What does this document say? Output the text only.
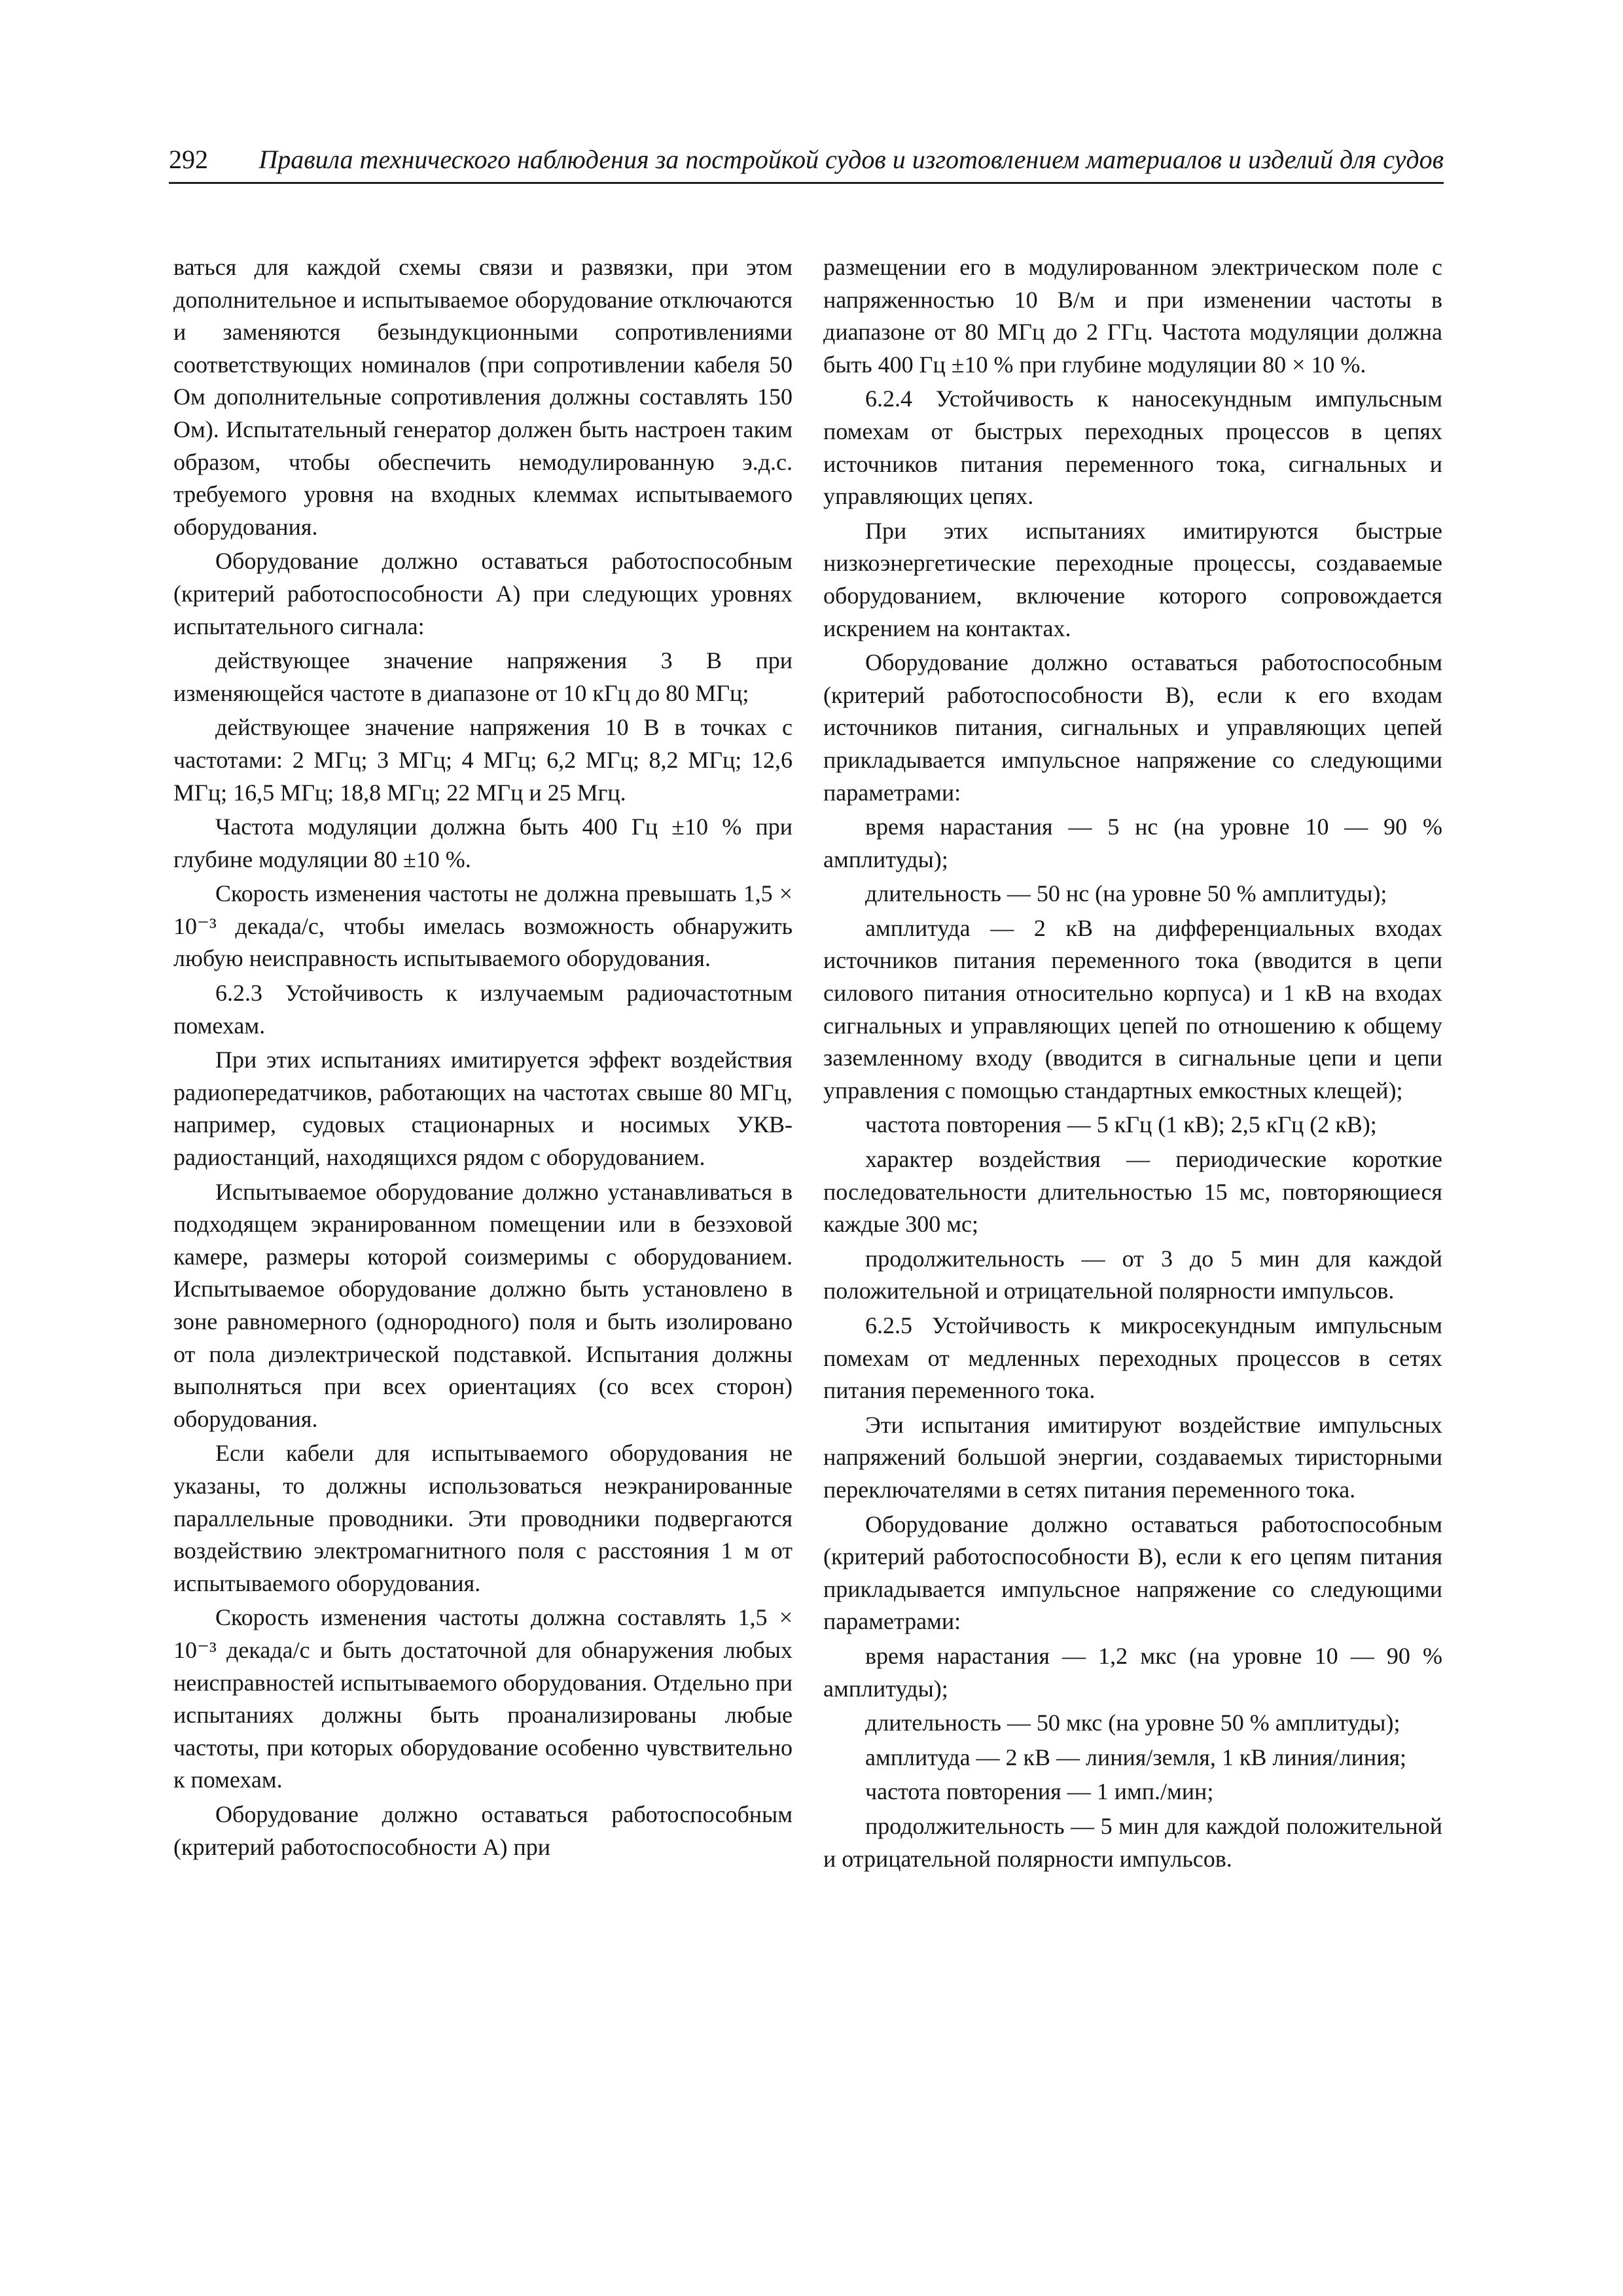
292 Правила технического наблюдения за постройкой судов и изготовлением материалов и изделий для судов

ваться для каждой схемы связи и развязки, при этом дополнительное и испытываемое оборудование отключаются и заменяются безындукционными сопротивлениями соответствующих номиналов (при сопротивлении кабеля 50 Ом дополнительные сопротивления должны составлять 150 Ом). Испытательный генератор должен быть настроен таким образом, чтобы обеспечить немодулированную э.д.с. требуемого уровня на входных клеммах испытываемого оборудования.

Оборудование должно оставаться работоспособным (критерий работоспособности А) при следующих уровнях испытательного сигнала:

действующее значение напряжения 3 В при изменяющейся частоте в диапазоне от 10 кГц до 80 МГц;

действующее значение напряжения 10 В в точках с частотами: 2 МГц; 3 МГц; 4 МГц; 6,2 МГц; 8,2 МГц; 12,6 МГц; 16,5 МГц; 18,8 МГц; 22 МГц и 25 Мгц.

Частота модуляции должна быть 400 Гц ±10 % при глубине модуляции 80 ±10 %.

Скорость изменения частоты не должна превышать 1,5 × 10⁻³ декада/с, чтобы имелась возможность обнаружить любую неисправность испытываемого оборудования.

6.2.3 Устойчивость к излучаемым радиочастотным помехам.

При этих испытаниях имитируется эффект воздействия радиопередатчиков, работающих на частотах свыше 80 МГц, например, судовых стационарных и носимых УКВ-радиостанций, находящихся рядом с оборудованием.

Испытываемое оборудование должно устанавливаться в подходящем экранированном помещении или в безэховой камере, размеры которой соизмеримы с оборудованием. Испытываемое оборудование должно быть установлено в зоне равномерного (однородного) поля и быть изолировано от пола диэлектрической подставкой. Испытания должны выполняться при всех ориентациях (со всех сторон) оборудования.

Если кабели для испытываемого оборудования не указаны, то должны использоваться неэкранированные параллельные проводники. Эти проводники подвергаются воздействию электромагнитного поля с расстояния 1 м от испытываемого оборудования.

Скорость изменения частоты должна составлять 1,5 × 10⁻³ декада/с и быть достаточной для обнаружения любых неисправностей испытываемого оборудования. Отдельно при испытаниях должны быть проанализированы любые частоты, при которых оборудование особенно чувствительно к помехам.

Оборудование должно оставаться работоспособным (критерий работоспособности А) при

размещении его в модулированном электрическом поле с напряженностью 10 В/м и при изменении частоты в диапазоне от 80 МГц до 2 ГГц. Частота модуляции должна быть 400 Гц ±10 % при глубине модуляции 80 × 10 %.

6.2.4 Устойчивость к наносекундным импульсным помехам от быстрых переходных процессов в цепях источников питания переменного тока, сигнальных и управляющих цепях.

При этих испытаниях имитируются быстрые низкоэнергетические переходные процессы, создаваемые оборудованием, включение которого сопровождается искрением на контактах.

Оборудование должно оставаться работоспособным (критерий работоспособности В), если к его входам источников питания, сигнальных и управляющих цепей прикладывается импульсное напряжение со следующими параметрами:

время нарастания — 5 нс (на уровне 10 — 90 % амплитуды);

длительность — 50 нс (на уровне 50 % амплитуды);

амплитуда — 2 кВ на дифференциальных входах источников питания переменного тока (вводится в цепи силового питания относительно корпуса) и 1 кВ на входах сигнальных и управляющих цепей по отношению к общему заземленному входу (вводится в сигнальные цепи и цепи управления с помощью стандартных емкостных клещей);

частота повторения — 5 кГц (1 кВ); 2,5 кГц (2 кВ);

характер воздействия — периодические короткие последовательности длительностью 15 мс, повторяющиеся каждые 300 мс;

продолжительность — от 3 до 5 мин для каждой положительной и отрицательной полярности импульсов.

6.2.5 Устойчивость к микросекундным импульсным помехам от медленных переходных процессов в сетях питания переменного тока.

Эти испытания имитируют воздействие импульсных напряжений большой энергии, создаваемых тиристорными переключателями в сетях питания переменного тока.

Оборудование должно оставаться работоспособным (критерий работоспособности В), если к его цепям питания прикладывается импульсное напряжение со следующими параметрами:

время нарастания — 1,2 мкс (на уровне 10 — 90 % амплитуды);

длительность — 50 мкс (на уровне 50 % амплитуды);

амплитуда — 2 кВ — линия/земля, 1 кВ линия/линия;

частота повторения — 1 имп./мин;

продолжительность — 5 мин для каждой положительной и отрицательной полярности импульсов.
